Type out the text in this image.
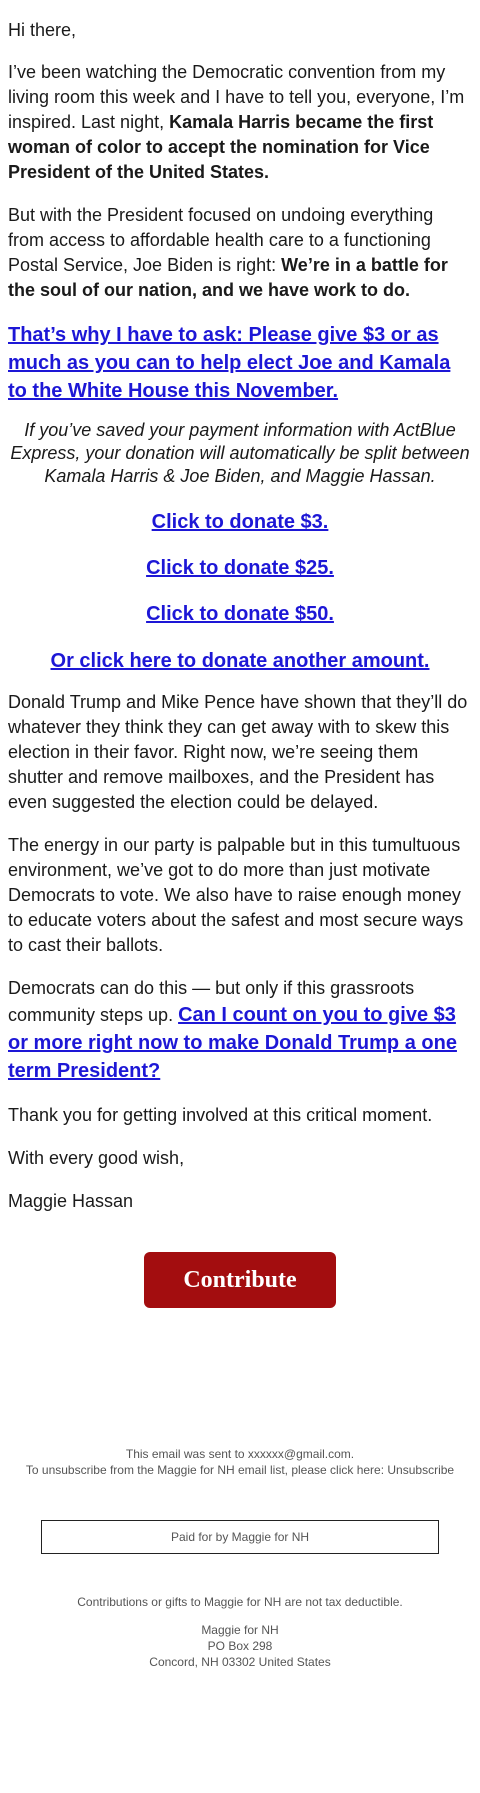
Hi there,

I’ve been watching the Democratic convention from my living room this week and I have to tell you, everyone, I’m inspired. Last night, Kamala Harris became the first woman of color to accept the nomination for Vice President of the United States.

But with the President focused on undoing everything from access to affordable health care to a functioning Postal Service, Joe Biden is right: We’re in a battle for the soul of our nation, and we have work to do.

That’s why I have to ask: Please give $3 or as much as you can to help elect Joe and Kamala to the White House this November.

If you’ve saved your payment information with ActBlue Express, your donation will automatically be split between Kamala Harris & Joe Biden, and Maggie Hassan.

Click to donate $3.
Click to donate $25.
Click to donate $50.
Or click here to donate another amount.

Donald Trump and Mike Pence have shown that they’ll do whatever they think they can get away with to skew this election in their favor. Right now, we’re seeing them shutter and remove mailboxes, and the President has even suggested the election could be delayed.

The energy in our party is palpable but in this tumultuous environment, we’ve got to do more than just motivate Democrats to vote. We also have to raise enough money to educate voters about the safest and most secure ways to cast their ballots.

Democrats can do this — but only if this grassroots community steps up. Can I count on you to give $3 or more right now to make Donald Trump a one term President?

Thank you for getting involved at this critical moment.

With every good wish,

Maggie Hassan

Contribute
This email was sent to xxxxxx@gmail.com.
To unsubscribe from the Maggie for NH email list, please click here: Unsubscribe
Paid for by Maggie for NH
Contributions or gifts to Maggie for NH are not tax deductible.
Maggie for NH
PO Box 298
Concord, NH 03302 United States
